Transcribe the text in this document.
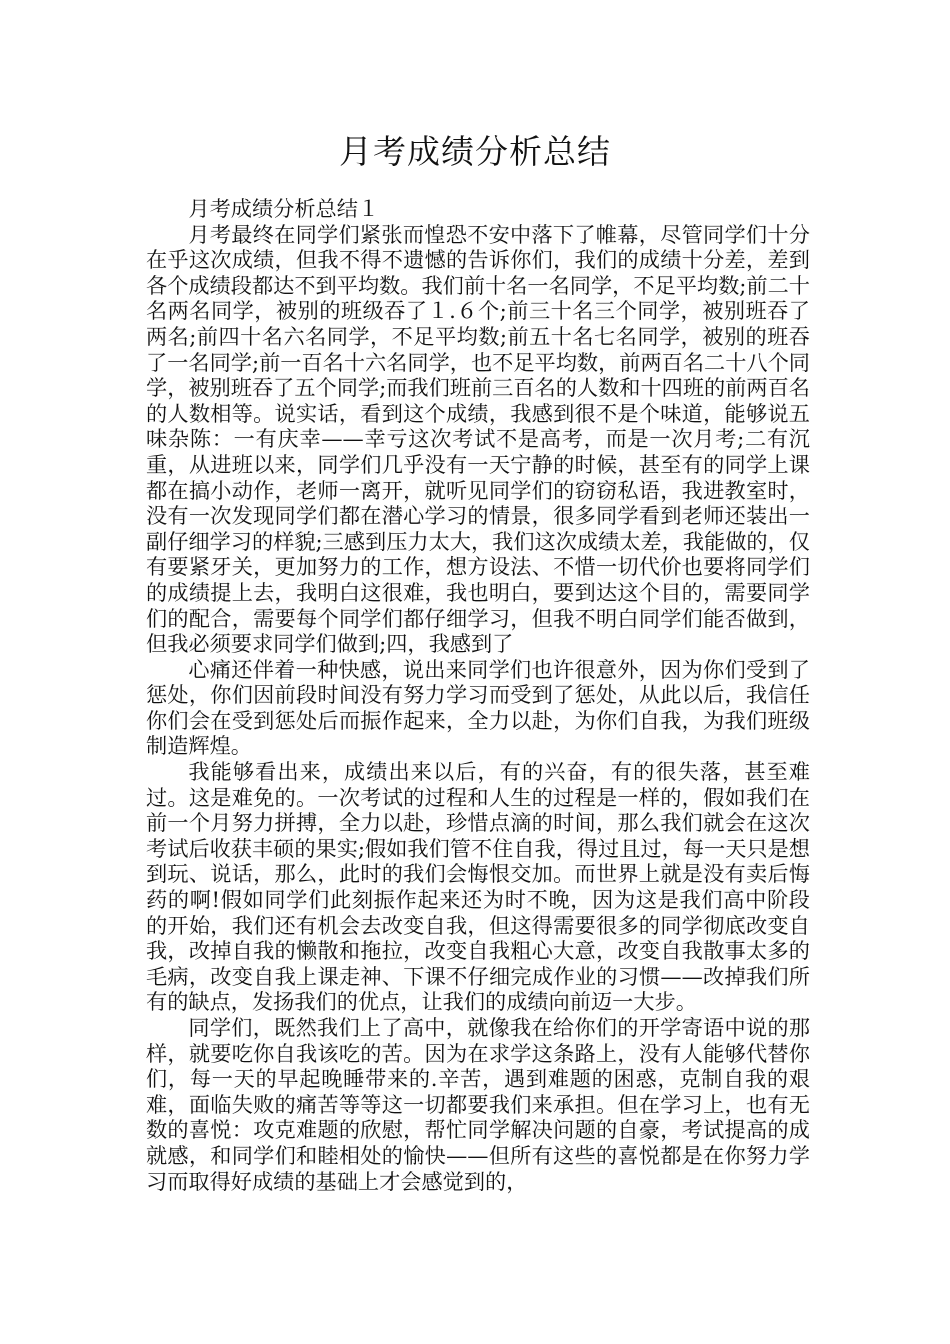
月考成绩分析总结

月考成绩分析总结１

月考最终在同学们紧张而惶恐不安中落下了帷幕，尽管同学们十分在乎这次成绩，但我不得不遗憾的告诉你们，我们的成绩十分差，差到各个成绩段都达不到平均数。我们前十名一名同学，不足平均数;前二十名两名同学，被别的班级吞了１.６个;前三十名三个同学，被别班吞了两名;前四十名六名同学，不足平均数;前五十名七名同学，被别的班吞了一名同学;前一百名十六名同学，也不足平均数，前两百名二十八个同学，被别班吞了五个同学;而我们班前三百名的人数和十四班的前两百名的人数相等。说实话，看到这个成绩，我感到很不是个味道，能够说五味杂陈：一有庆幸——幸亏这次考试不是高考，而是一次月考;二有沉重，从进班以来，同学们几乎没有一天宁静的时候，甚至有的同学上课都在搞小动作，老师一离开，就听见同学们的窃窃私语，我进教室时，没有一次发现同学们都在潜心学习的情景，很多同学看到老师还装出一副仔细学习的样貌;三感到压力太大，我们这次成绩太差，我能做的，仅有要紧牙关，更加努力的工作，想方设法、不惜一切代价也要将同学们的成绩提上去，我明白这很难，我也明白，要到达这个目的，需要同学们的配合，需要每个同学们都仔细学习，但我不明白同学们能否做到，但我必须要求同学们做到;四，我感到了

心痛还伴着一种快感，说出来同学们也许很意外，因为你们受到了惩处，你们因前段时间没有努力学习而受到了惩处，从此以后，我信任你们会在受到惩处后而振作起来，全力以赴，为你们自我，为我们班级制造辉煌。

我能够看出来，成绩出来以后，有的兴奋，有的很失落，甚至难过。这是难免的。一次考试的过程和人生的过程是一样的，假如我们在前一个月努力拼搏，全力以赴，珍惜点滴的时间，那么我们就会在这次考试后收获丰硕的果实;假如我们管不住自我，得过且过，每一天只是想到玩、说话，那么，此时的我们会悔恨交加。而世界上就是没有卖后悔药的啊!假如同学们此刻振作起来还为时不晚，因为这是我们高中阶段的开始，我们还有机会去改变自我，但这得需要很多的同学彻底改变自我，改掉自我的懒散和拖拉，改变自我粗心大意，改变自我散事太多的毛病，改变自我上课走神、下课不仔细完成作业的习惯——改掉我们所有的缺点，发扬我们的优点，让我们的成绩向前迈一大步。

同学们，既然我们上了高中，就像我在给你们的开学寄语中说的那样，就要吃你自我该吃的苦。因为在求学这条路上，没有人能够代替你们，每一天的早起晚睡带来的.辛苦，遇到难题的困惑，克制自我的艰难，面临失败的痛苦等等这一切都要我们来承担。但在学习上，也有无数的喜悦：攻克难题的欣慰，帮忙同学解决问题的自豪，考试提高的成就感，和同学们和睦相处的愉快——但所有这些的喜悦都是在你努力学习而取得好成绩的基础上才会感觉到的，
